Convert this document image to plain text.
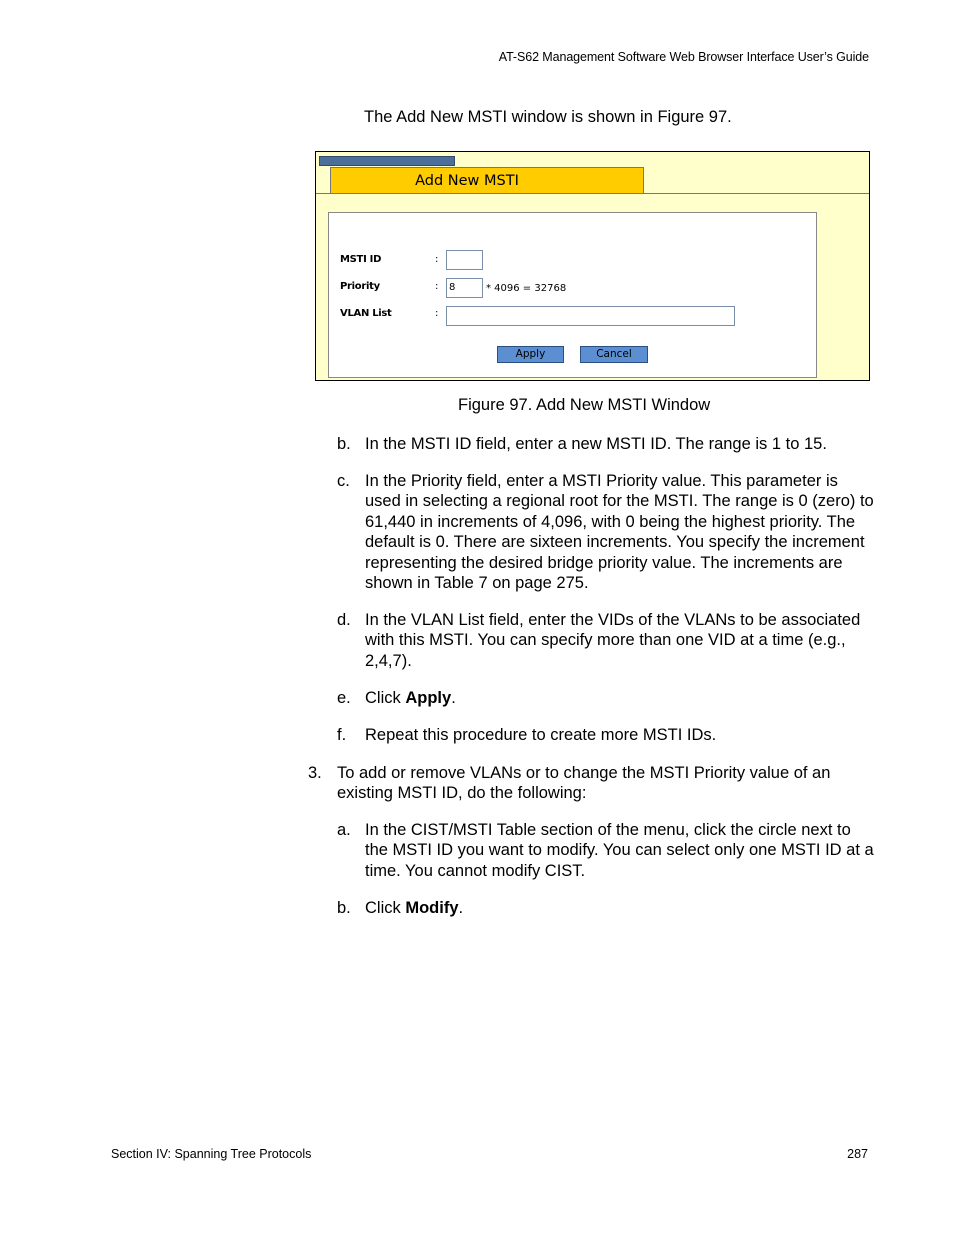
AT-S62 Management Software Web Browser Interface User’s Guide
The Add New MSTI window is shown in Figure 97.
Add New MSTI
MSTI ID	:
Priority	:	8	* 4096 = 32768
VLAN List	:
Apply	Cancel
Figure 97. Add New MSTI Window
b. In the MSTI ID field, enter a new MSTI ID. The range is 1 to 15.
c. In the Priority field, enter a MSTI Priority value. This parameter is used in selecting a regional root for the MSTI. The range is 0 (zero) to 61,440 in increments of 4,096, with 0 being the highest priority. The default is 0. There are sixteen increments. You specify the increment representing the desired bridge priority value. The increments are shown in Table 7 on page 275.
d. In the VLAN List field, enter the VIDs of the VLANs to be associated with this MSTI. You can specify more than one VID at a time (e.g., 2,4,7).
e. Click Apply.
f. Repeat this procedure to create more MSTI IDs.
3. To add or remove VLANs or to change the MSTI Priority value of an existing MSTI ID, do the following:
a. In the CIST/MSTI Table section of the menu, click the circle next to the MSTI ID you want to modify. You can select only one MSTI ID at a time. You cannot modify CIST.
b. Click Modify.
Section IV: Spanning Tree Protocols	287
